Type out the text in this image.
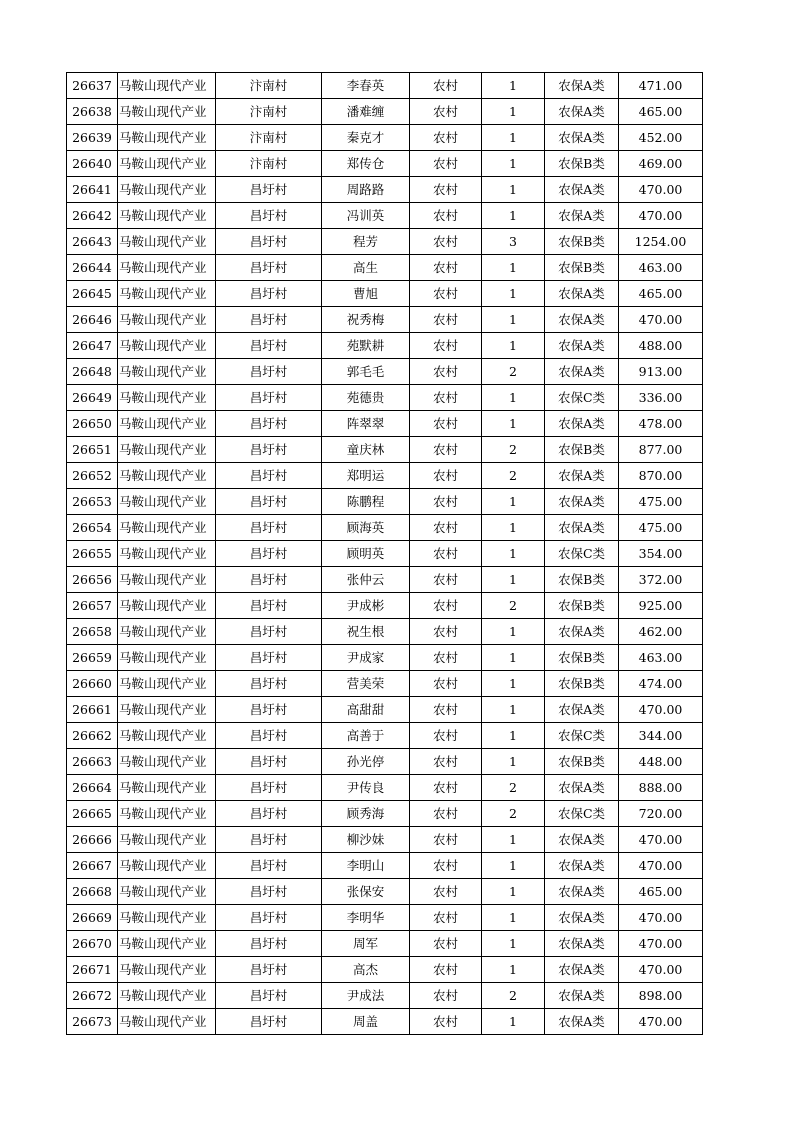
26637	马鞍山现代产业	汴南村	李春英	农村	1	农保A类	471.00
26638	马鞍山现代产业	汴南村	潘难缠	农村	1	农保A类	465.00
26639	马鞍山现代产业	汴南村	秦克才	农村	1	农保A类	452.00
26640	马鞍山现代产业	汴南村	郑传仓	农村	1	农保B类	469.00
26641	马鞍山现代产业	昌圩村	周路路	农村	1	农保A类	470.00
26642	马鞍山现代产业	昌圩村	冯训英	农村	1	农保A类	470.00
26643	马鞍山现代产业	昌圩村	程芳	农村	3	农保B类	1254.00
26644	马鞍山现代产业	昌圩村	高生	农村	1	农保B类	463.00
26645	马鞍山现代产业	昌圩村	曹旭	农村	1	农保A类	465.00
26646	马鞍山现代产业	昌圩村	祝秀梅	农村	1	农保A类	470.00
26647	马鞍山现代产业	昌圩村	苑默耕	农村	1	农保A类	488.00
26648	马鞍山现代产业	昌圩村	郭毛毛	农村	2	农保A类	913.00
26649	马鞍山现代产业	昌圩村	苑德贵	农村	1	农保C类	336.00
26650	马鞍山现代产业	昌圩村	阵翠翠	农村	1	农保A类	478.00
26651	马鞍山现代产业	昌圩村	童庆林	农村	2	农保B类	877.00
26652	马鞍山现代产业	昌圩村	郑明运	农村	2	农保A类	870.00
26653	马鞍山现代产业	昌圩村	陈鹏程	农村	1	农保A类	475.00
26654	马鞍山现代产业	昌圩村	顾海英	农村	1	农保A类	475.00
26655	马鞍山现代产业	昌圩村	顾明英	农村	1	农保C类	354.00
26656	马鞍山现代产业	昌圩村	张仲云	农村	1	农保B类	372.00
26657	马鞍山现代产业	昌圩村	尹成彬	农村	2	农保B类	925.00
26658	马鞍山现代产业	昌圩村	祝生根	农村	1	农保A类	462.00
26659	马鞍山现代产业	昌圩村	尹成家	农村	1	农保B类	463.00
26660	马鞍山现代产业	昌圩村	营美荣	农村	1	农保B类	474.00
26661	马鞍山现代产业	昌圩村	高甜甜	农村	1	农保A类	470.00
26662	马鞍山现代产业	昌圩村	高善于	农村	1	农保C类	344.00
26663	马鞍山现代产业	昌圩村	孙光停	农村	1	农保B类	448.00
26664	马鞍山现代产业	昌圩村	尹传良	农村	2	农保A类	888.00
26665	马鞍山现代产业	昌圩村	顾秀海	农村	2	农保C类	720.00
26666	马鞍山现代产业	昌圩村	柳沙妹	农村	1	农保A类	470.00
26667	马鞍山现代产业	昌圩村	李明山	农村	1	农保A类	470.00
26668	马鞍山现代产业	昌圩村	张保安	农村	1	农保A类	465.00
26669	马鞍山现代产业	昌圩村	李明华	农村	1	农保A类	470.00
26670	马鞍山现代产业	昌圩村	周军	农村	1	农保A类	470.00
26671	马鞍山现代产业	昌圩村	高杰	农村	1	农保A类	470.00
26672	马鞍山现代产业	昌圩村	尹成法	农村	2	农保A类	898.00
26673	马鞍山现代产业	昌圩村	周盖	农村	1	农保A类	470.00
